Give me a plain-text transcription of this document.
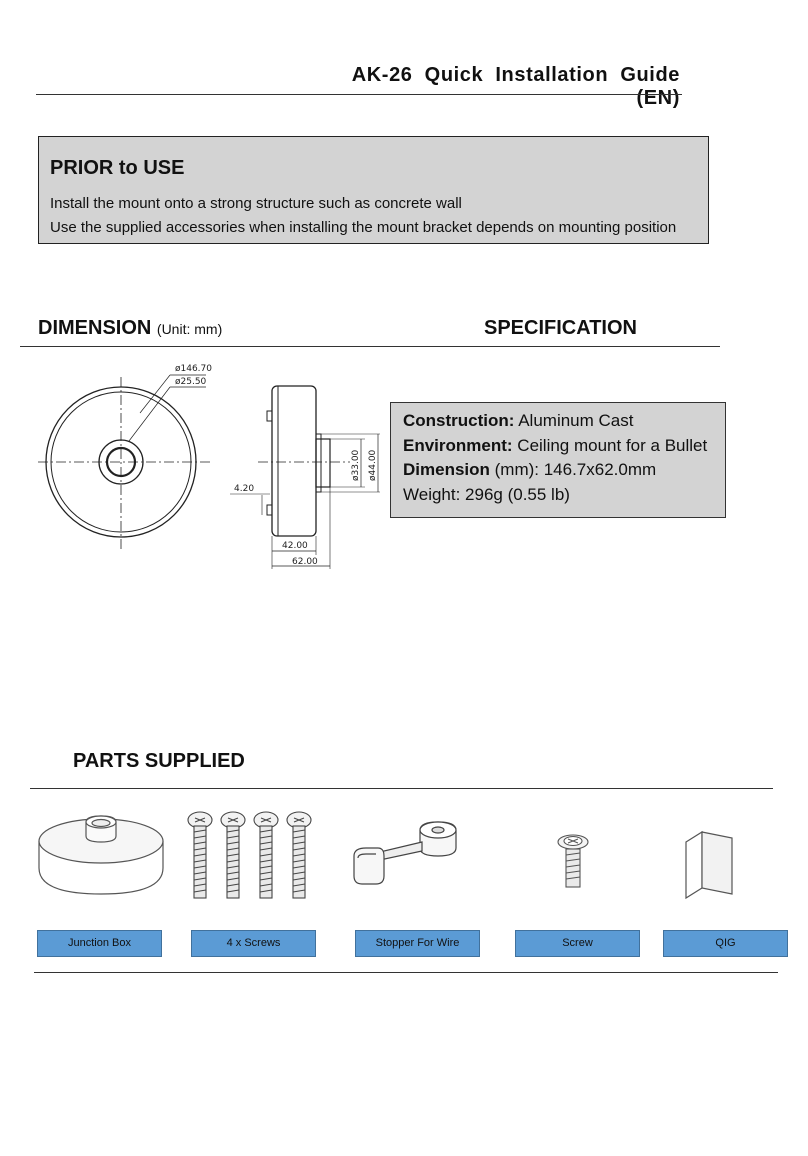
AK-26 Quick Installation Guide (EN)
PRIOR to USE
Install the mount onto a strong structure such as concrete wall
Use the supplied accessories when installing the mount bracket depends on mounting position
DIMENSION (Unit: mm)	SPECIFICATION
ø146.70
ø25.50
4.20
42.00
62.00
ø33.00 ø44.00
Construction: Aluminum Cast
Environment: Ceiling mount for a Bullet
Dimension (mm): 146.7x62.0mm
Weight: 296g (0.55 lb)
PARTS SUPPLIED
Junction Box	4 x Screws	Stopper For Wire	Screw	QIG
